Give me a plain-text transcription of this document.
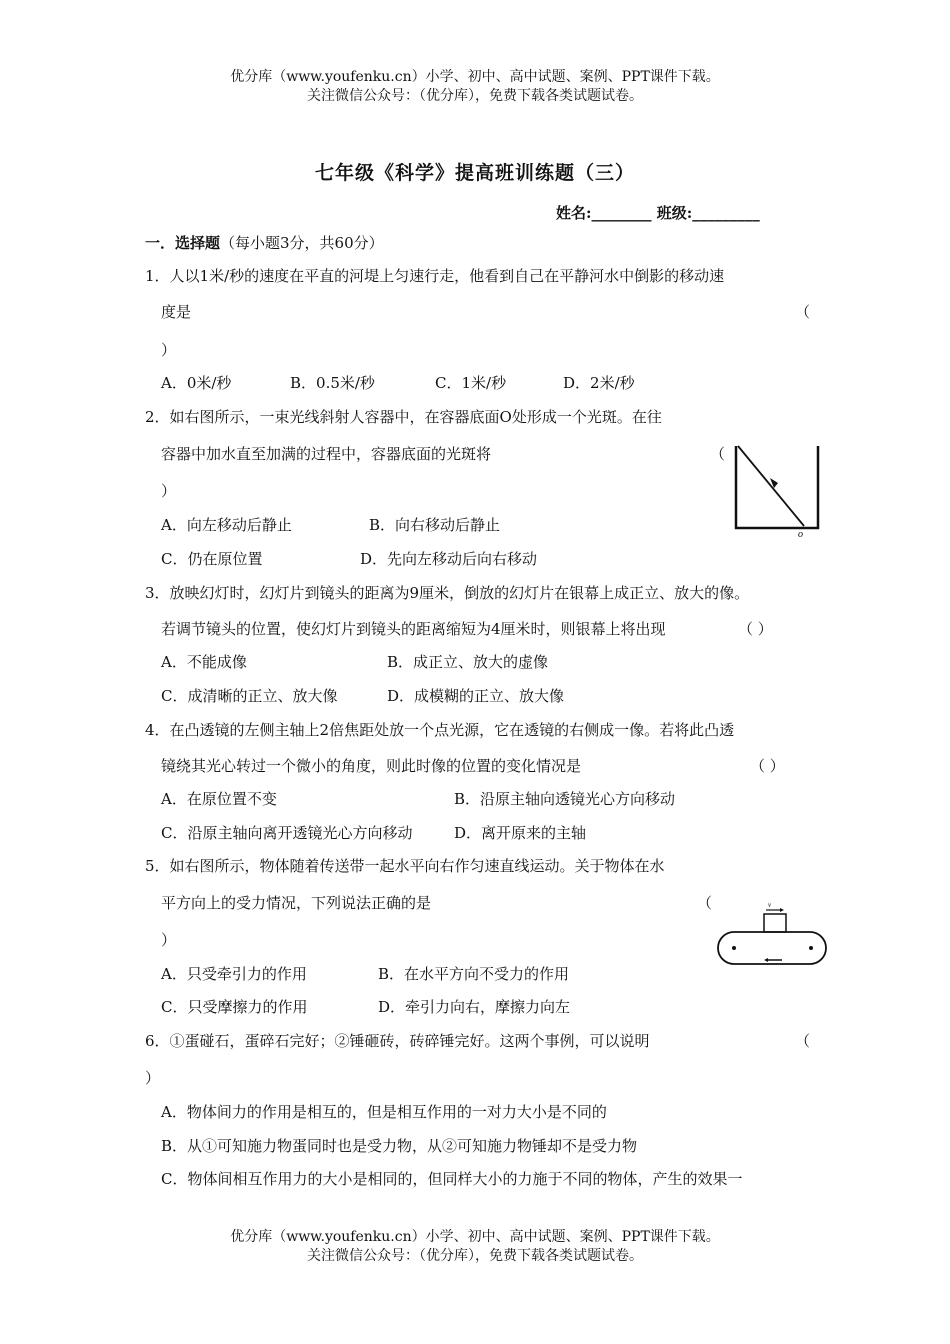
优分库（www.youfenku.cn）小学、初中、高中试题、案例、PPT课件下载。
关注微信公众号：（优分库），免费下载各类试题试卷。
七年级《科学》提高班训练题（三）
姓名:________ 班级:_________
一．选择题（每小题3分，共60分）
1．人以1米/秒的速度在平直的河堤上匀速行走，他看到自己在平静河水中倒影的移动速
度是	（
）
A．0米/秒	B．0.5米/秒	C．1米/秒	D．2米/秒
2．如右图所示，一束光线斜射人容器中，在容器底面O处形成一个光斑。在往
容器中加水直至加满的过程中，容器底面的光斑将	（
）
A．向左移动后静止	B．向右移动后静止
C．仍在原位置	D．先向左移动后向右移动
o
3．放映幻灯时，幻灯片到镜头的距离为9厘米，倒放的幻灯片在银幕上成正立、放大的像。
若调节镜头的位置，使幻灯片到镜头的距离缩短为4厘米时，则银幕上将出现	（ ）
A．不能成像	B．成正立、放大的虚像
C．成清晰的正立、放大像	D．成模糊的正立、放大像
4．在凸透镜的左侧主轴上2倍焦距处放一个点光源，它在透镜的右侧成一像。若将此凸透
镜绕其光心转过一个微小的角度，则此时像的位置的变化情况是	（ ）
A．在原位置不变	B．沿原主轴向透镜光心方向移动
C．沿原主轴向离开透镜光心方向移动	D．离开原来的主轴
5．如右图所示，物体随着传送带一起水平向右作匀速直线运动。关于物体在水
平方向上的受力情况，下列说法正确的是	（
）
A．只受牵引力的作用	B．在水平方向不受力的作用
C．只受摩擦力的作用	D．牵引力向右，摩擦力向左
v
6．①蛋碰石，蛋碎石完好；②锤砸砖，砖碎锤完好。这两个事例，可以说明	（
）
A．物体间力的作用是相互的，但是相互作用的一对力大小是不同的
B．从①可知施力物蛋同时也是受力物，从②可知施力物锤却不是受力物
C．物体间相互作用力的大小是相同的，但同样大小的力施于不同的物体，产生的效果一
优分库（www.youfenku.cn）小学、初中、高中试题、案例、PPT课件下载。
关注微信公众号：（优分库），免费下载各类试题试卷。
